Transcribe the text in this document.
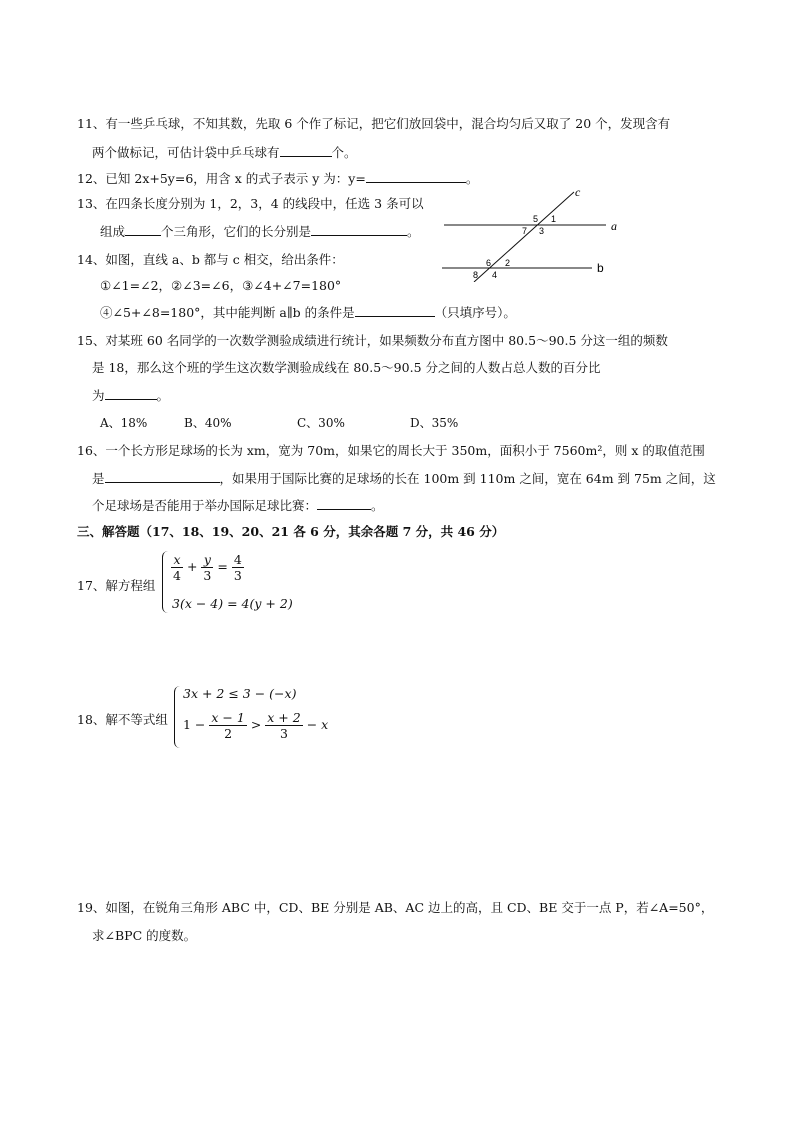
11、有一些乒乓球，不知其数，先取 6 个作了标记，把它们放回袋中，混合均匀后又取了 20 个，发现含有
两个做标记，可估计袋中乒乓球有	个。
12、已知 2x+5y=6，用含 x 的式子表示 y 为：y=	。
13、在四条长度分别为 1，2，3，4 的线段中，任选 3 条可以
组成	个三角形，它们的长分别是	。
c
a
b
5 1
7 3
6 2
8 4
14、如图，直线 a、b 都与 c 相交，给出条件：
①∠1=∠2，②∠3=∠6，③∠4+∠7=180°
④∠5+∠8=180°，其中能判断 a∥b 的条件是	（只填序号）。
15、对某班 60 名同学的一次数学测验成绩进行统计，如果频数分布直方图中 80.5～90.5 分这一组的频数
是 18，那么这个班的学生这次数学测验成线在 80.5～90.5 分之间的人数占总人数的百分比
为	。
A、18%	B、40%	C、30%	D、35%
16、一个长方形足球场的长为 xm，宽为 70m，如果它的周长大于 350m，面积小于 7560m²，则 x 的取值范围
是	，如果用于国际比赛的足球场的长在 100m 到 110m 之间，宽在 64m 到 75m 之间，这
个足球场是否能用于举办国际足球比赛：	。
三、解答题（17、18、19、20、21 各 6 分，其余各题 7 分，共 46 分）
17、解方程组
$\frac{x}{4} + \frac{y}{3} = \frac{4}{3}$
3(x − 4) = 4(y + 2)
18、解不等式组
3x + 2 ≤ 3 − (−x)
$1 - \frac{x - 1}{2} > \frac{x + 2}{3} - x$
19、如图，在锐角三角形 ABC 中，CD、BE 分别是 AB、AC 边上的高，且 CD、BE 交于一点 P，若∠A=50°，
求∠BPC 的度数。
